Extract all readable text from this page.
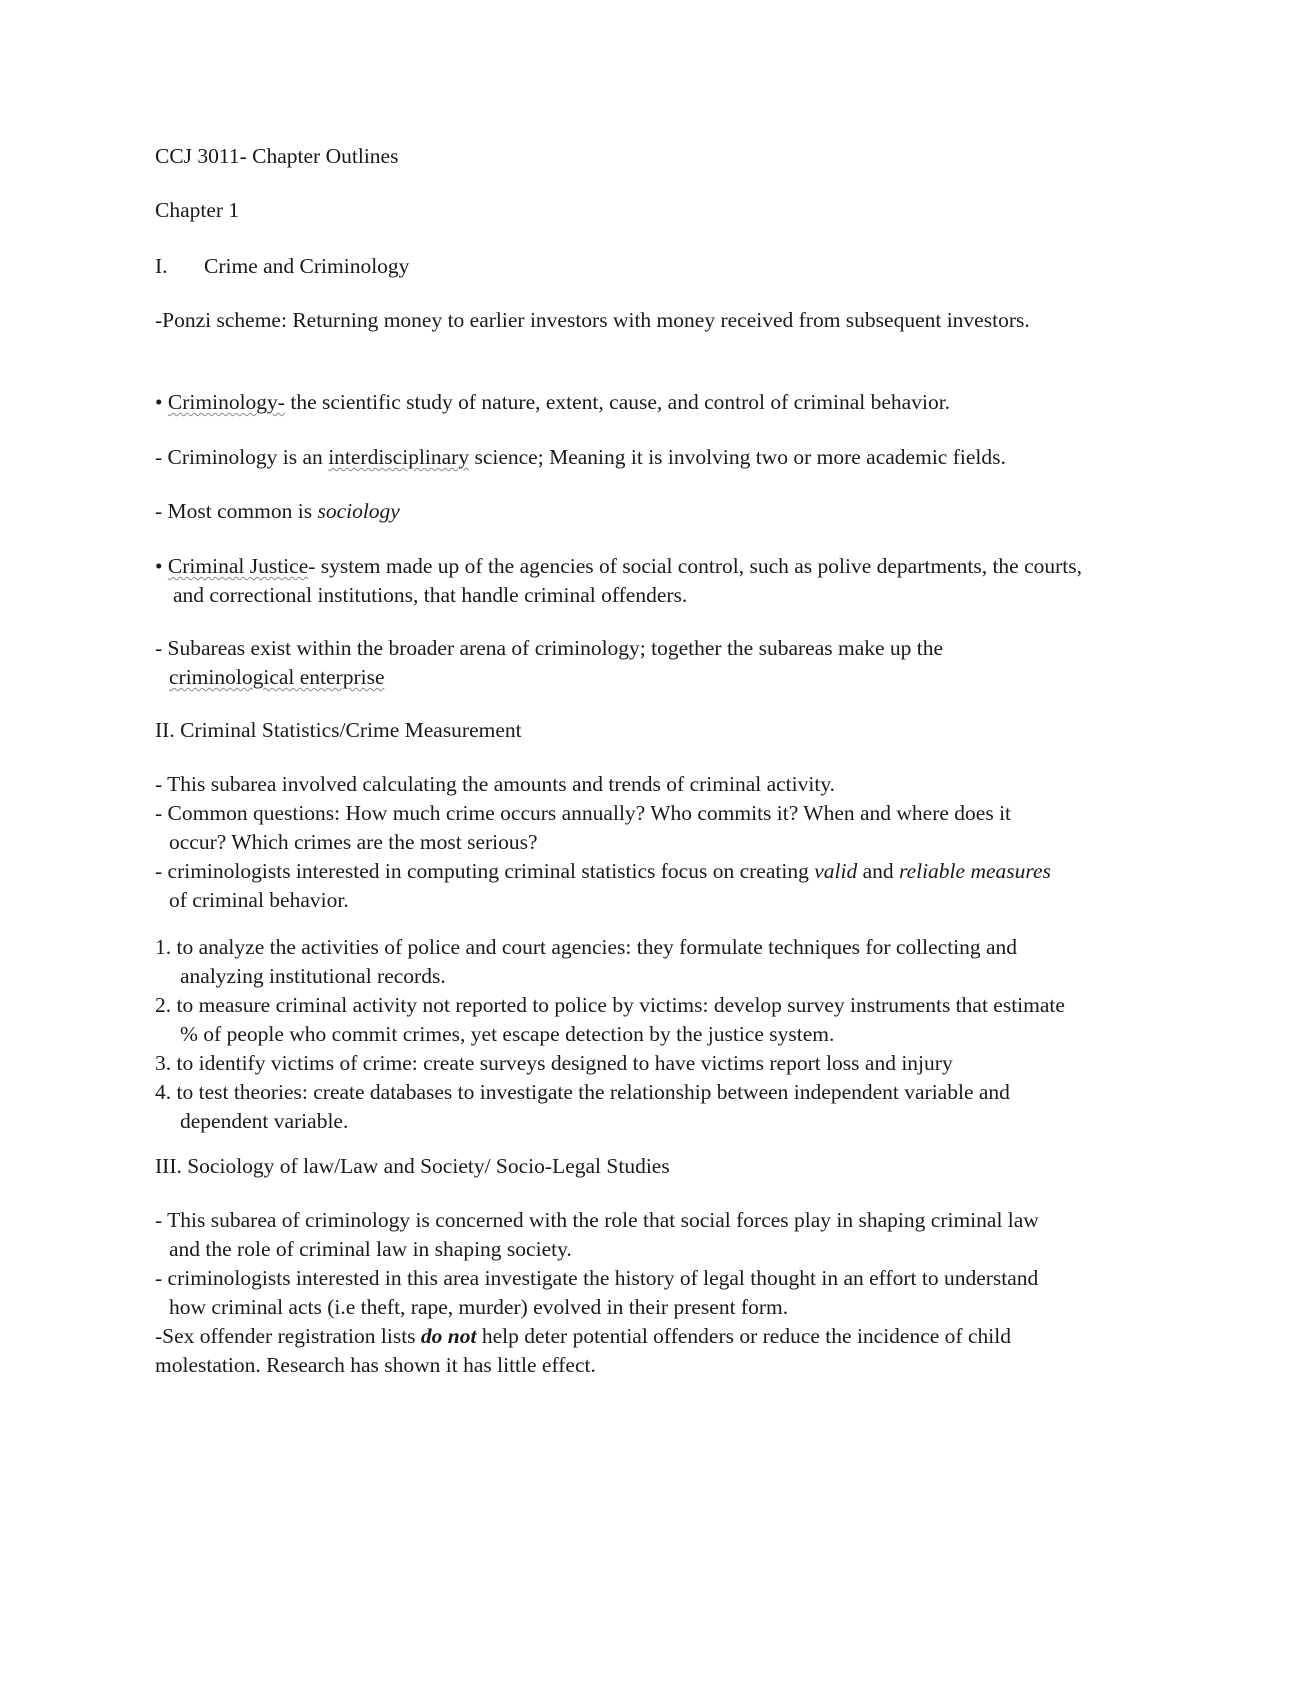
CCJ 3011- Chapter Outlines

Chapter 1

I. Crime and Criminology

-Ponzi scheme: Returning money to earlier investors with money received from subsequent investors.

• Criminology- the scientific study of nature, extent, cause, and control of criminal behavior.

- Criminology is an interdisciplinary science; Meaning it is involving two or more academic fields.

- Most common is sociology

• Criminal Justice- system made up of the agencies of social control, such as polive departments, the courts, and correctional institutions, that handle criminal offenders.

- Subareas exist within the broader arena of criminology; together the subareas make up the criminological enterprise

II. Criminal Statistics/Crime Measurement

- This subarea involved calculating the amounts and trends of criminal activity.

- Common questions: How much crime occurs annually? Who commits it? When and where does it occur? Which crimes are the most serious?

- criminologists interested in computing criminal statistics focus on creating valid and reliable measures of criminal behavior.

1. to analyze the activities of police and court agencies: they formulate techniques for collecting and analyzing institutional records.

2. to measure criminal activity not reported to police by victims: develop survey instruments that estimate % of people who commit crimes, yet escape detection by the justice system.

3. to identify victims of crime: create surveys designed to have victims report loss and injury

4. to test theories: create databases to investigate the relationship between independent variable and dependent variable.

III. Sociology of law/Law and Society/ Socio-Legal Studies

- This subarea of criminology is concerned with the role that social forces play in shaping criminal law and the role of criminal law in shaping society.

- criminologists interested in this area investigate the history of legal thought in an effort to understand how criminal acts (i.e theft, rape, murder) evolved in their present form.

-Sex offender registration lists do not help deter potential offenders or reduce the incidence of child molestation. Research has shown it has little effect.
